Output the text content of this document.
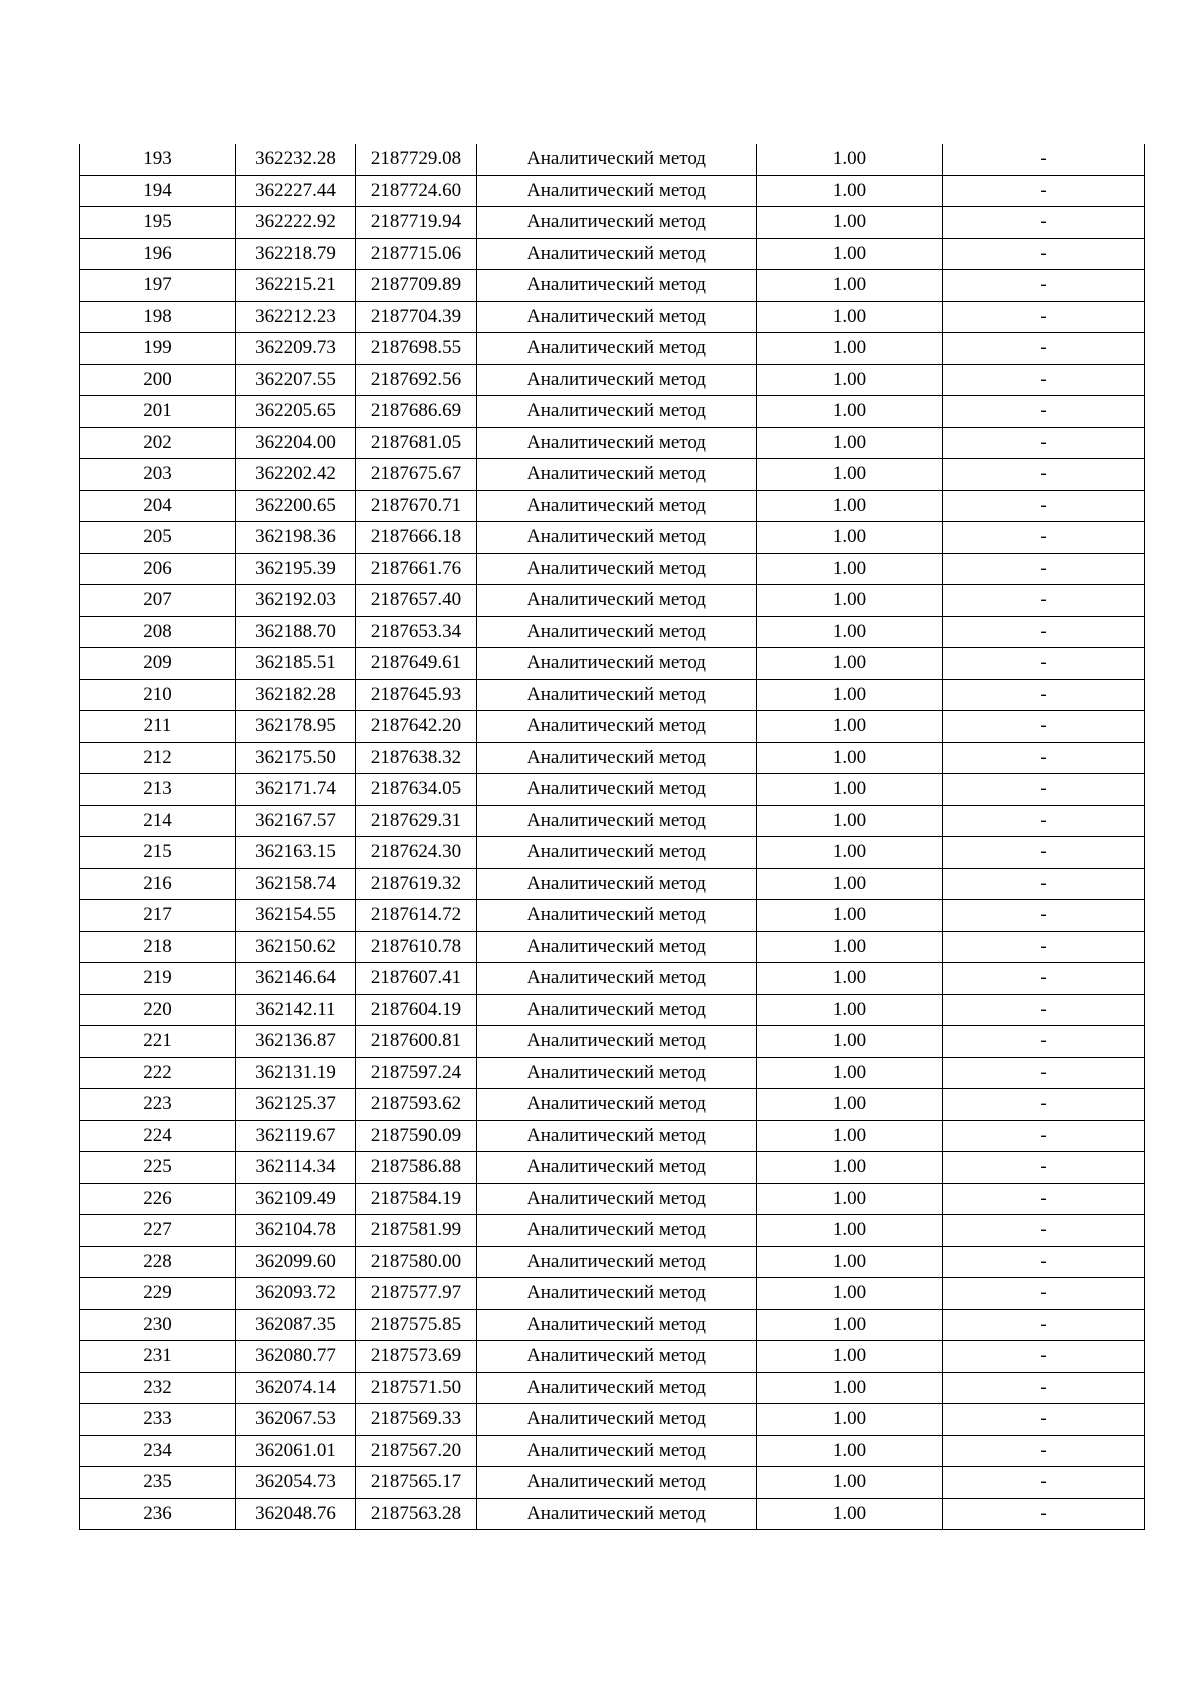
193	362232.28	2187729.08	Аналитический метод	1.00	-
194	362227.44	2187724.60	Аналитический метод	1.00	-
195	362222.92	2187719.94	Аналитический метод	1.00	-
196	362218.79	2187715.06	Аналитический метод	1.00	-
197	362215.21	2187709.89	Аналитический метод	1.00	-
198	362212.23	2187704.39	Аналитический метод	1.00	-
199	362209.73	2187698.55	Аналитический метод	1.00	-
200	362207.55	2187692.56	Аналитический метод	1.00	-
201	362205.65	2187686.69	Аналитический метод	1.00	-
202	362204.00	2187681.05	Аналитический метод	1.00	-
203	362202.42	2187675.67	Аналитический метод	1.00	-
204	362200.65	2187670.71	Аналитический метод	1.00	-
205	362198.36	2187666.18	Аналитический метод	1.00	-
206	362195.39	2187661.76	Аналитический метод	1.00	-
207	362192.03	2187657.40	Аналитический метод	1.00	-
208	362188.70	2187653.34	Аналитический метод	1.00	-
209	362185.51	2187649.61	Аналитический метод	1.00	-
210	362182.28	2187645.93	Аналитический метод	1.00	-
211	362178.95	2187642.20	Аналитический метод	1.00	-
212	362175.50	2187638.32	Аналитический метод	1.00	-
213	362171.74	2187634.05	Аналитический метод	1.00	-
214	362167.57	2187629.31	Аналитический метод	1.00	-
215	362163.15	2187624.30	Аналитический метод	1.00	-
216	362158.74	2187619.32	Аналитический метод	1.00	-
217	362154.55	2187614.72	Аналитический метод	1.00	-
218	362150.62	2187610.78	Аналитический метод	1.00	-
219	362146.64	2187607.41	Аналитический метод	1.00	-
220	362142.11	2187604.19	Аналитический метод	1.00	-
221	362136.87	2187600.81	Аналитический метод	1.00	-
222	362131.19	2187597.24	Аналитический метод	1.00	-
223	362125.37	2187593.62	Аналитический метод	1.00	-
224	362119.67	2187590.09	Аналитический метод	1.00	-
225	362114.34	2187586.88	Аналитический метод	1.00	-
226	362109.49	2187584.19	Аналитический метод	1.00	-
227	362104.78	2187581.99	Аналитический метод	1.00	-
228	362099.60	2187580.00	Аналитический метод	1.00	-
229	362093.72	2187577.97	Аналитический метод	1.00	-
230	362087.35	2187575.85	Аналитический метод	1.00	-
231	362080.77	2187573.69	Аналитический метод	1.00	-
232	362074.14	2187571.50	Аналитический метод	1.00	-
233	362067.53	2187569.33	Аналитический метод	1.00	-
234	362061.01	2187567.20	Аналитический метод	1.00	-
235	362054.73	2187565.17	Аналитический метод	1.00	-
236	362048.76	2187563.28	Аналитический метод	1.00	-
